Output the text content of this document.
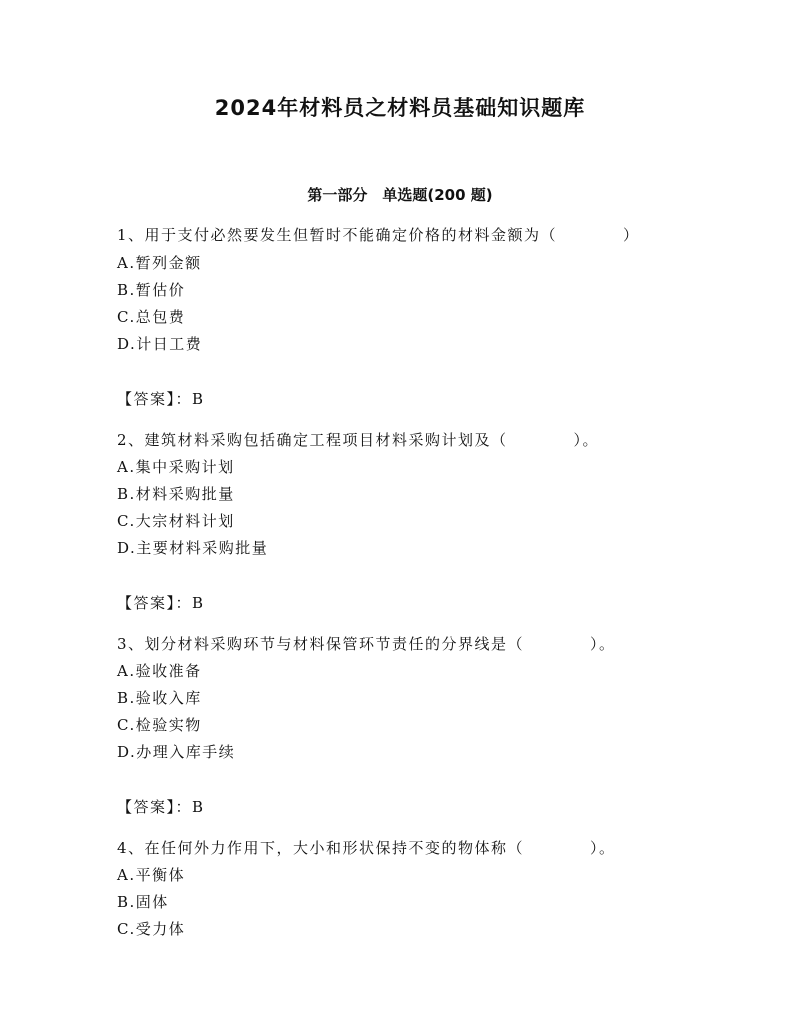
2024年材料员之材料员基础知识题库
第一部分　单选题(200 题)
1、用于支付必然要发生但暂时不能确定价格的材料金额为（　　　　）
A.暂列金额
B.暂估价
C.总包费
D.计日工费
【答案】：B
2、建筑材料采购包括确定工程项目材料采购计划及（　　　　）。
A.集中采购计划
B.材料采购批量
C.大宗材料计划
D.主要材料采购批量
【答案】：B
3、划分材料采购环节与材料保管环节责任的分界线是（　　　　）。
A.验收准备
B.验收入库
C.检验实物
D.办理入库手续
【答案】：B
4、在任何外力作用下，大小和形状保持不变的物体称（　　　　）。
A.平衡体
B.固体
C.受力体
